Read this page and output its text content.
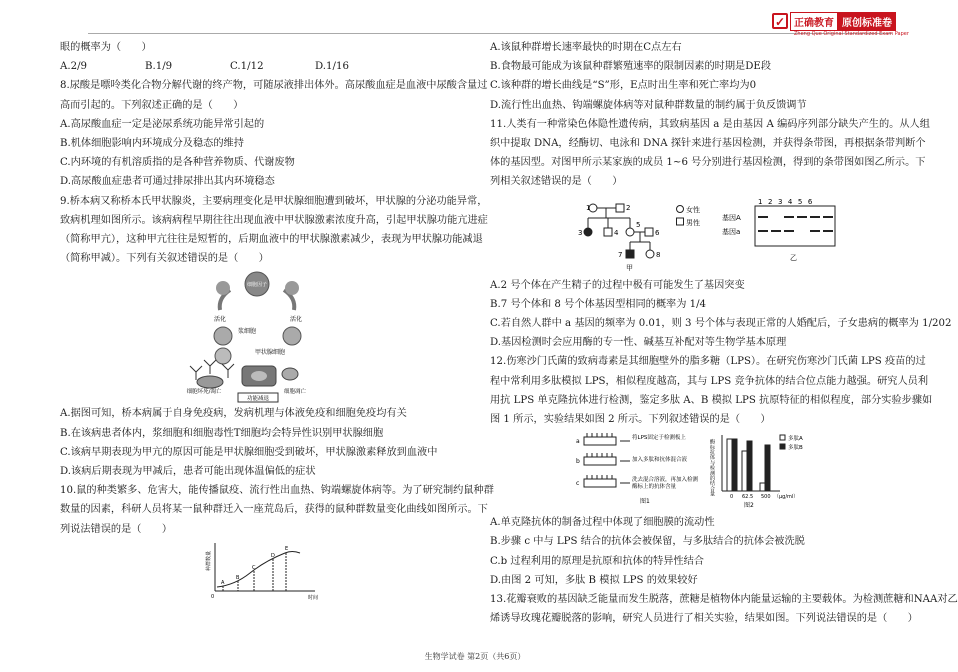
✓ 正确教育 原创标准卷
Zheng Que Original Standardized Exam Paper
眼的概率为（　　）
A.2/9	B.1/9	C.1/12	D.1/16
8.尿酸是嘌呤类化合物分解代谢的终产物，可随尿液排出体外。高尿酸血症是血液中尿酸含量过
高而引起的。下列叙述正确的是（　　）
A.高尿酸血症一定是泌尿系统功能异常引起的
B.机体细胞影响内环境成分及稳态的维持
C.内环境的有机溶质指的是各种营养物质、代谢废物
D.高尿酸血症患者可通过排尿排出其内环境稳态
9.桥本病又称桥本氏甲状腺炎，主要病理变化是甲状腺细胞遭到破坏，甲状腺的分泌功能异常，
致病机理如图所示。该病病程早期往往出现血液中甲状腺激素浓度升高，引起甲状腺功能亢进症
（简称甲亢），这种甲亢往往是短暂的，后期血液中的甲状腺激素减少，表现为甲状腺功能减退
（简称甲减）。下列有关叙述错误的是（　　）
细胞因子
活化	活化
浆细胞
甲状腺细胞
细胞坏死/凋亡	细胞凋亡
功能减退
A.据图可知，桥本病属于自身免疫病，发病机理与体液免疫和细胞免疫均有关
B.在该病患者体内，浆细胞和细胞毒性T细胞均会特异性识别甲状腺细胞
C.该病早期表现为甲亢的原因可能是甲状腺细胞受到破坏，甲状腺激素释放到血液中
D.该病后期表现为甲减后，患者可能出现体温偏低的症状
10.鼠的种类繁多、危害大，能传播鼠疫、流行性出血热、钩端螺旋体病等。为了研究制约鼠种群
数量的因素，科研人员将某一鼠种群迁入一座荒岛后，获得的鼠种群数量变化曲线如图所示。下
列说法错误的是（　　）
种群数量
时间
0
A
B
C
D
E
A.该鼠种群增长速率最快的时期在C点左右
B.食物最可能成为该鼠种群繁殖速率的限制因素的时期是DE段
C.该种群的增长曲线是“S”形，E点时出生率和死亡率均为0
D.流行性出血热、钩端螺旋体病等对鼠种群数量的制约属于负反馈调节
11.人类有一种常染色体隐性遗传病，其致病基因 a 是由基因 A 编码序列部分缺失产生的。从人组
织中提取 DNA，经酶切、电泳和 DNA 探针来进行基因检测，并获得条带图，再根据条带判断个
体的基因型。对图甲所示某家族的成员 1~6 号分别进行基因检测，得到的条带图如图乙所示。下
列相关叙述错误的是（　　）
1	2
3	4
5
6
7	8
甲
女性
男性
123456
基因A
基因a
乙
A.2 号个体在产生精子的过程中极有可能发生了基因突变
B.7 号个体和 8 号个体基因型相同的概率为 1/4
C.若自然人群中 a 基因的频率为 0.01，则 3 号个体与表现正常的人婚配后，子女患病的概率为 1/202
D.基因检测时会应用酶的专一性、碱基互补配对等生物学基本原理
12.伤寒沙门氏菌的致病毒素是其细胞壁外的脂多糖（LPS）。在研究伤寒沙门氏菌 LPS 疫苗的过
程中常利用多肽模拟 LPS，相似程度越高，其与 LPS 竞争抗体的结合位点能力越强。研究人员利
用抗 LPS 单克隆抗体进行检测，鉴定多肽 A、B 模拟 LPS 抗原特征的相似程度，部分实验步骤如
图 1 所示，实验结果如图 2 所示。下列叙述错误的是（　　）
a
b
c
将LPS固定于检测板上
加入多肽和抗体混合液
洗去混合溶液，再加入检测
酶标上的抗体含量
图1
酶标抗体与检测的结合量
0 62.5 500 （μg/ml）
图2
多肽A
多肽B
A.单克隆抗体的制备过程中体现了细胞膜的流动性
B.步骤 c 中与 LPS 结合的抗体会被保留，与多肽结合的抗体会被洗脱
C.b 过程利用的原理是抗原和抗体的特异性结合
D.由图 2 可知，多肽 B 模拟 LPS 的效果较好
13.花瓣衰败的基因缺乏能量而发生脱落，蔗糖是植物体内能量运输的主要载体。为检测蔗糖和NAA对乙
烯诱导玫瑰花瓣脱落的影响，研究人员进行了相关实验，结果如图。下列说法错误的是（　　）
生物学试卷 第2页（共6页）
